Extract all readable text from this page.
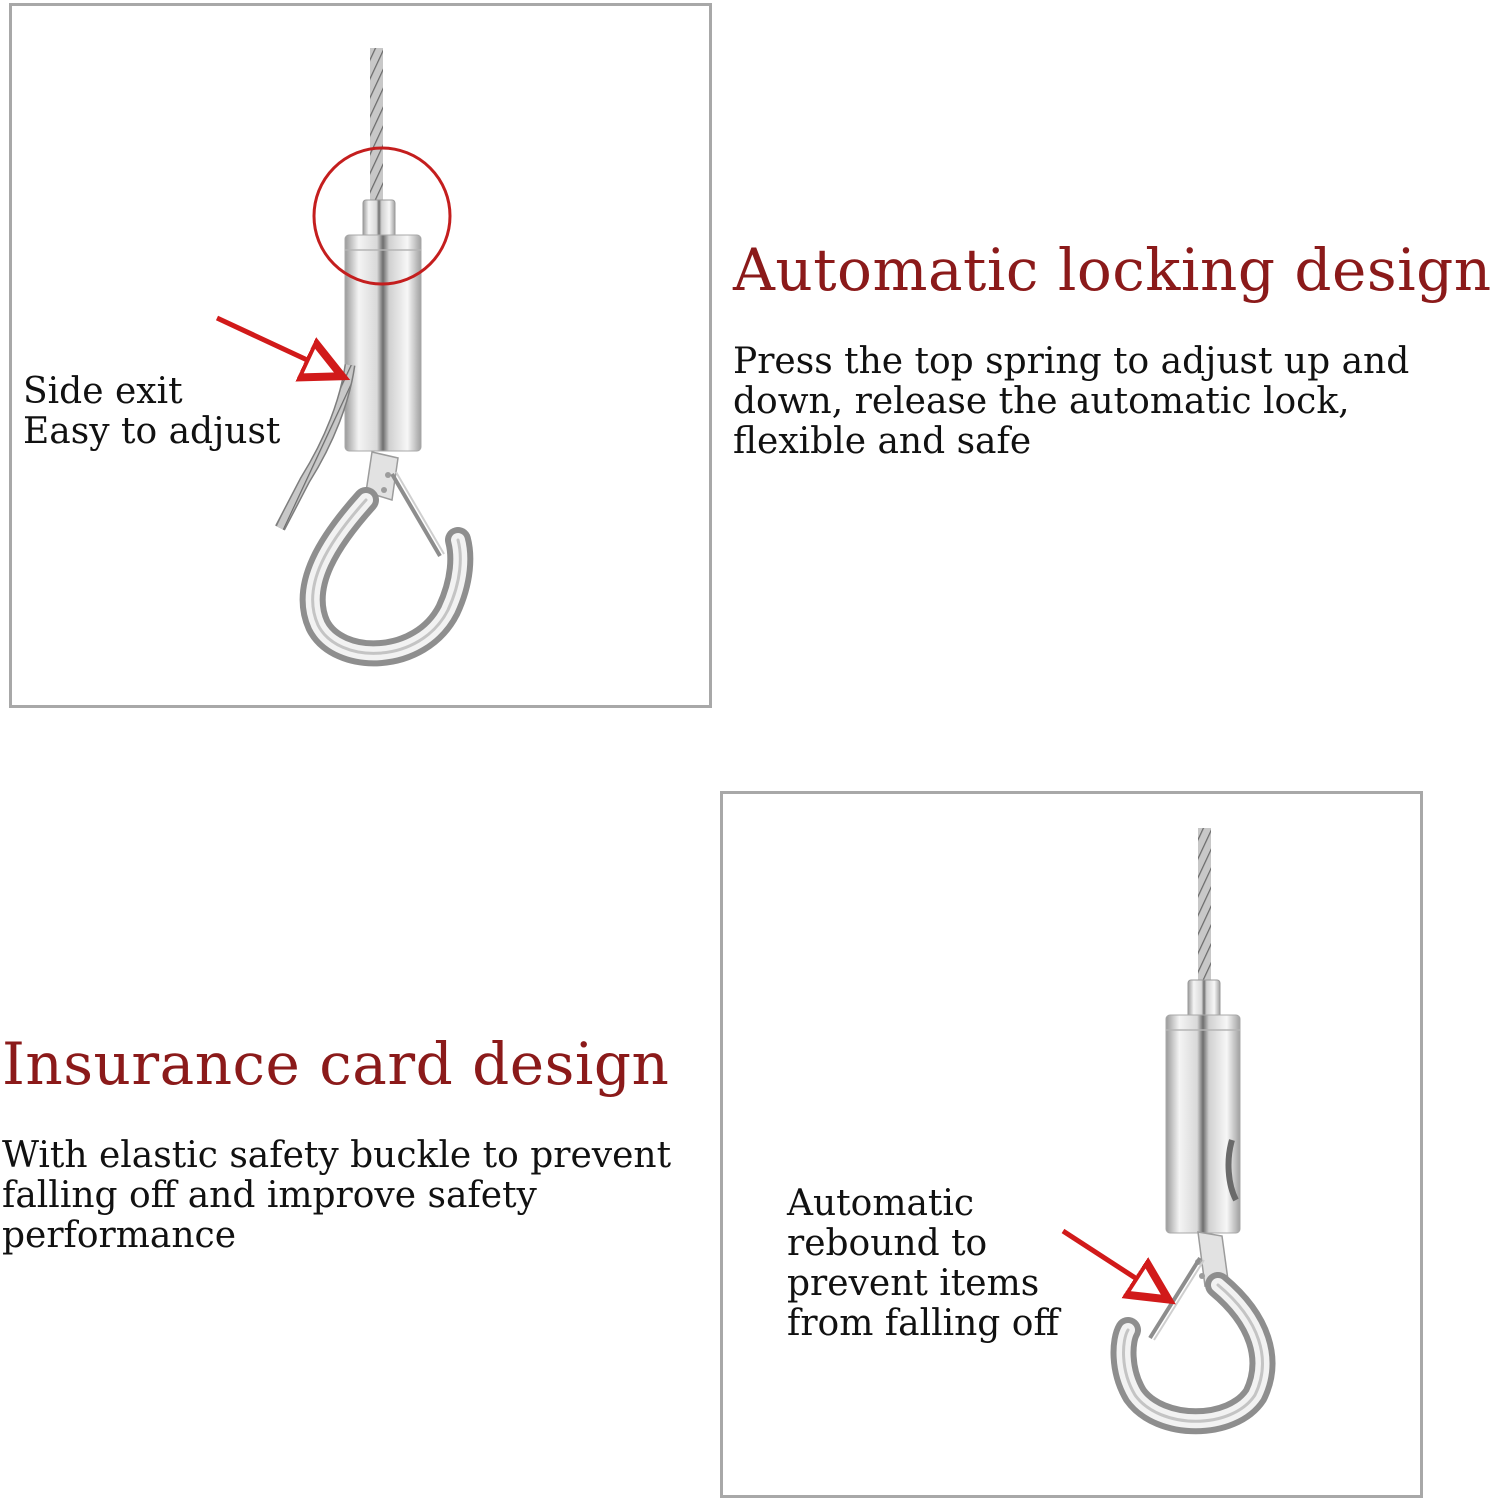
Side exit
Easy to adjust
Automatic locking design

Press the top spring to adjust up and
down, release the automatic lock,
flexible and safe

Insurance card design

With elastic safety buckle to prevent
falling off and improve safety
performance

Automatic
rebound to
prevent items
from falling off
